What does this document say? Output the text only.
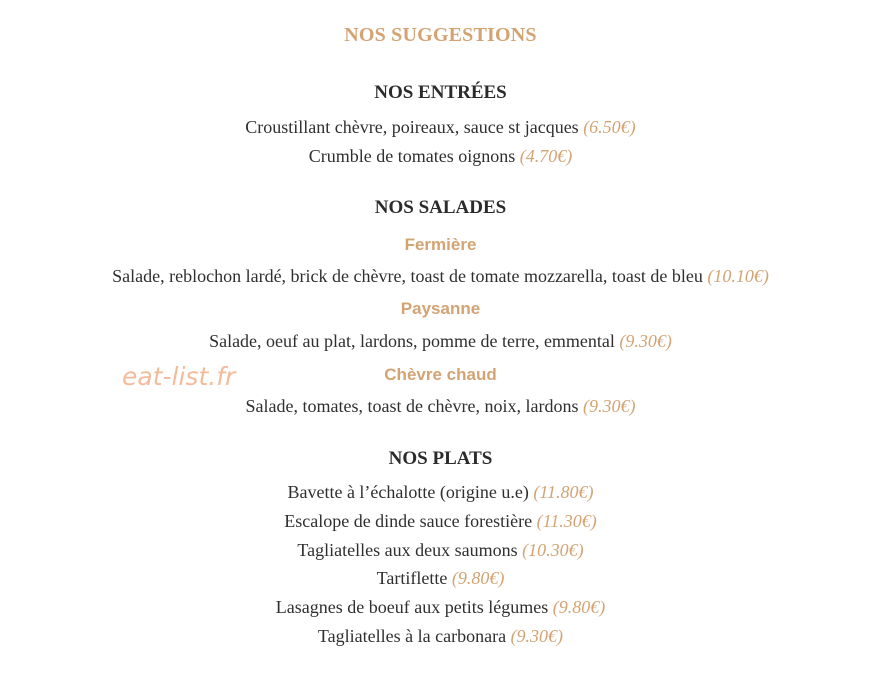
NOS SUGGESTIONS
NOS ENTRÉES
Croustillant chèvre, poireaux, sauce st jacques (6.50€)
Crumble de tomates oignons (4.70€)
NOS SALADES
Fermière
Salade, reblochon lardé, brick de chèvre, toast de tomate mozzarella, toast de bleu (10.10€)
Paysanne
Salade, oeuf au plat, lardons, pomme de terre, emmental (9.30€)
Chèvre chaud
Salade, tomates, toast de chèvre, noix, lardons (9.30€)
NOS PLATS
Bavette à l’échalotte (origine u.e) (11.80€)
Escalope de dinde sauce forestière (11.30€)
Tagliatelles aux deux saumons (10.30€)
Tartiflette (9.80€)
Lasagnes de boeuf aux petits légumes (9.80€)
Tagliatelles à la carbonara (9.30€)
eat-list.fr
